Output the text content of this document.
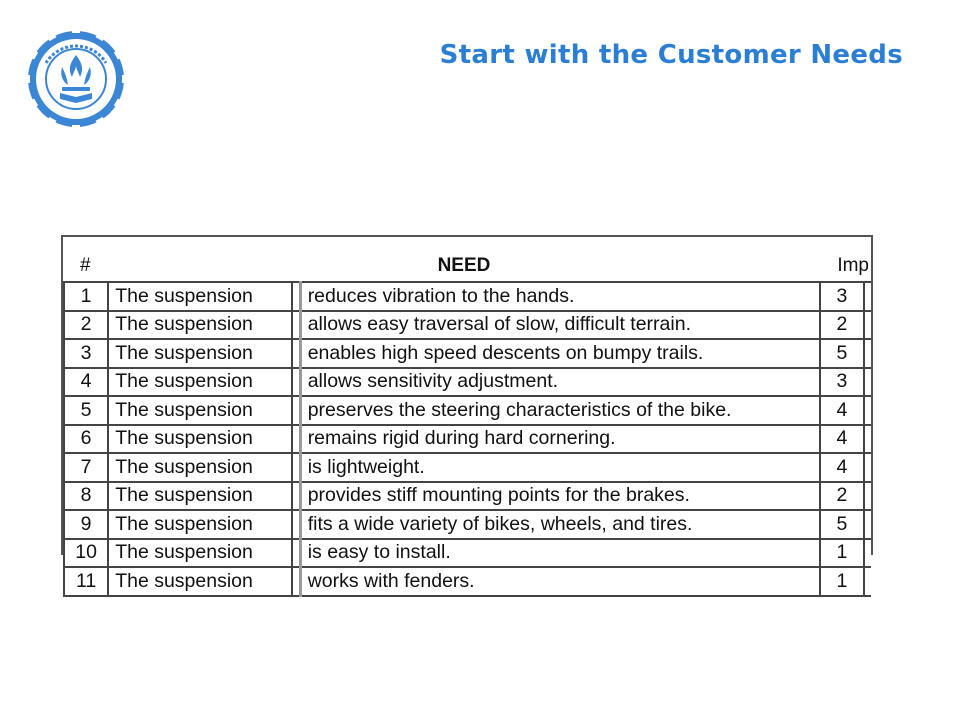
Start with the Customer Needs
#	NEED			Imp	
1	The suspension		reduces vibration to the hands.	3	
2	The suspension		allows easy traversal of slow, difficult terrain.	2	
3	The suspension		enables high speed descents on bumpy trails.	5	
4	The suspension		allows sensitivity adjustment.	3	
5	The suspension		preserves the steering characteristics of the bike.	4	
6	The suspension		remains rigid during hard cornering.	4	
7	The suspension		is lightweight.	4	
8	The suspension		provides stiff mounting points for the brakes.	2	
9	The suspension		fits a wide variety of bikes, wheels, and tires.	5	
10	The suspension		is easy to install.	1	
11	The suspension		works with fenders.	1	
